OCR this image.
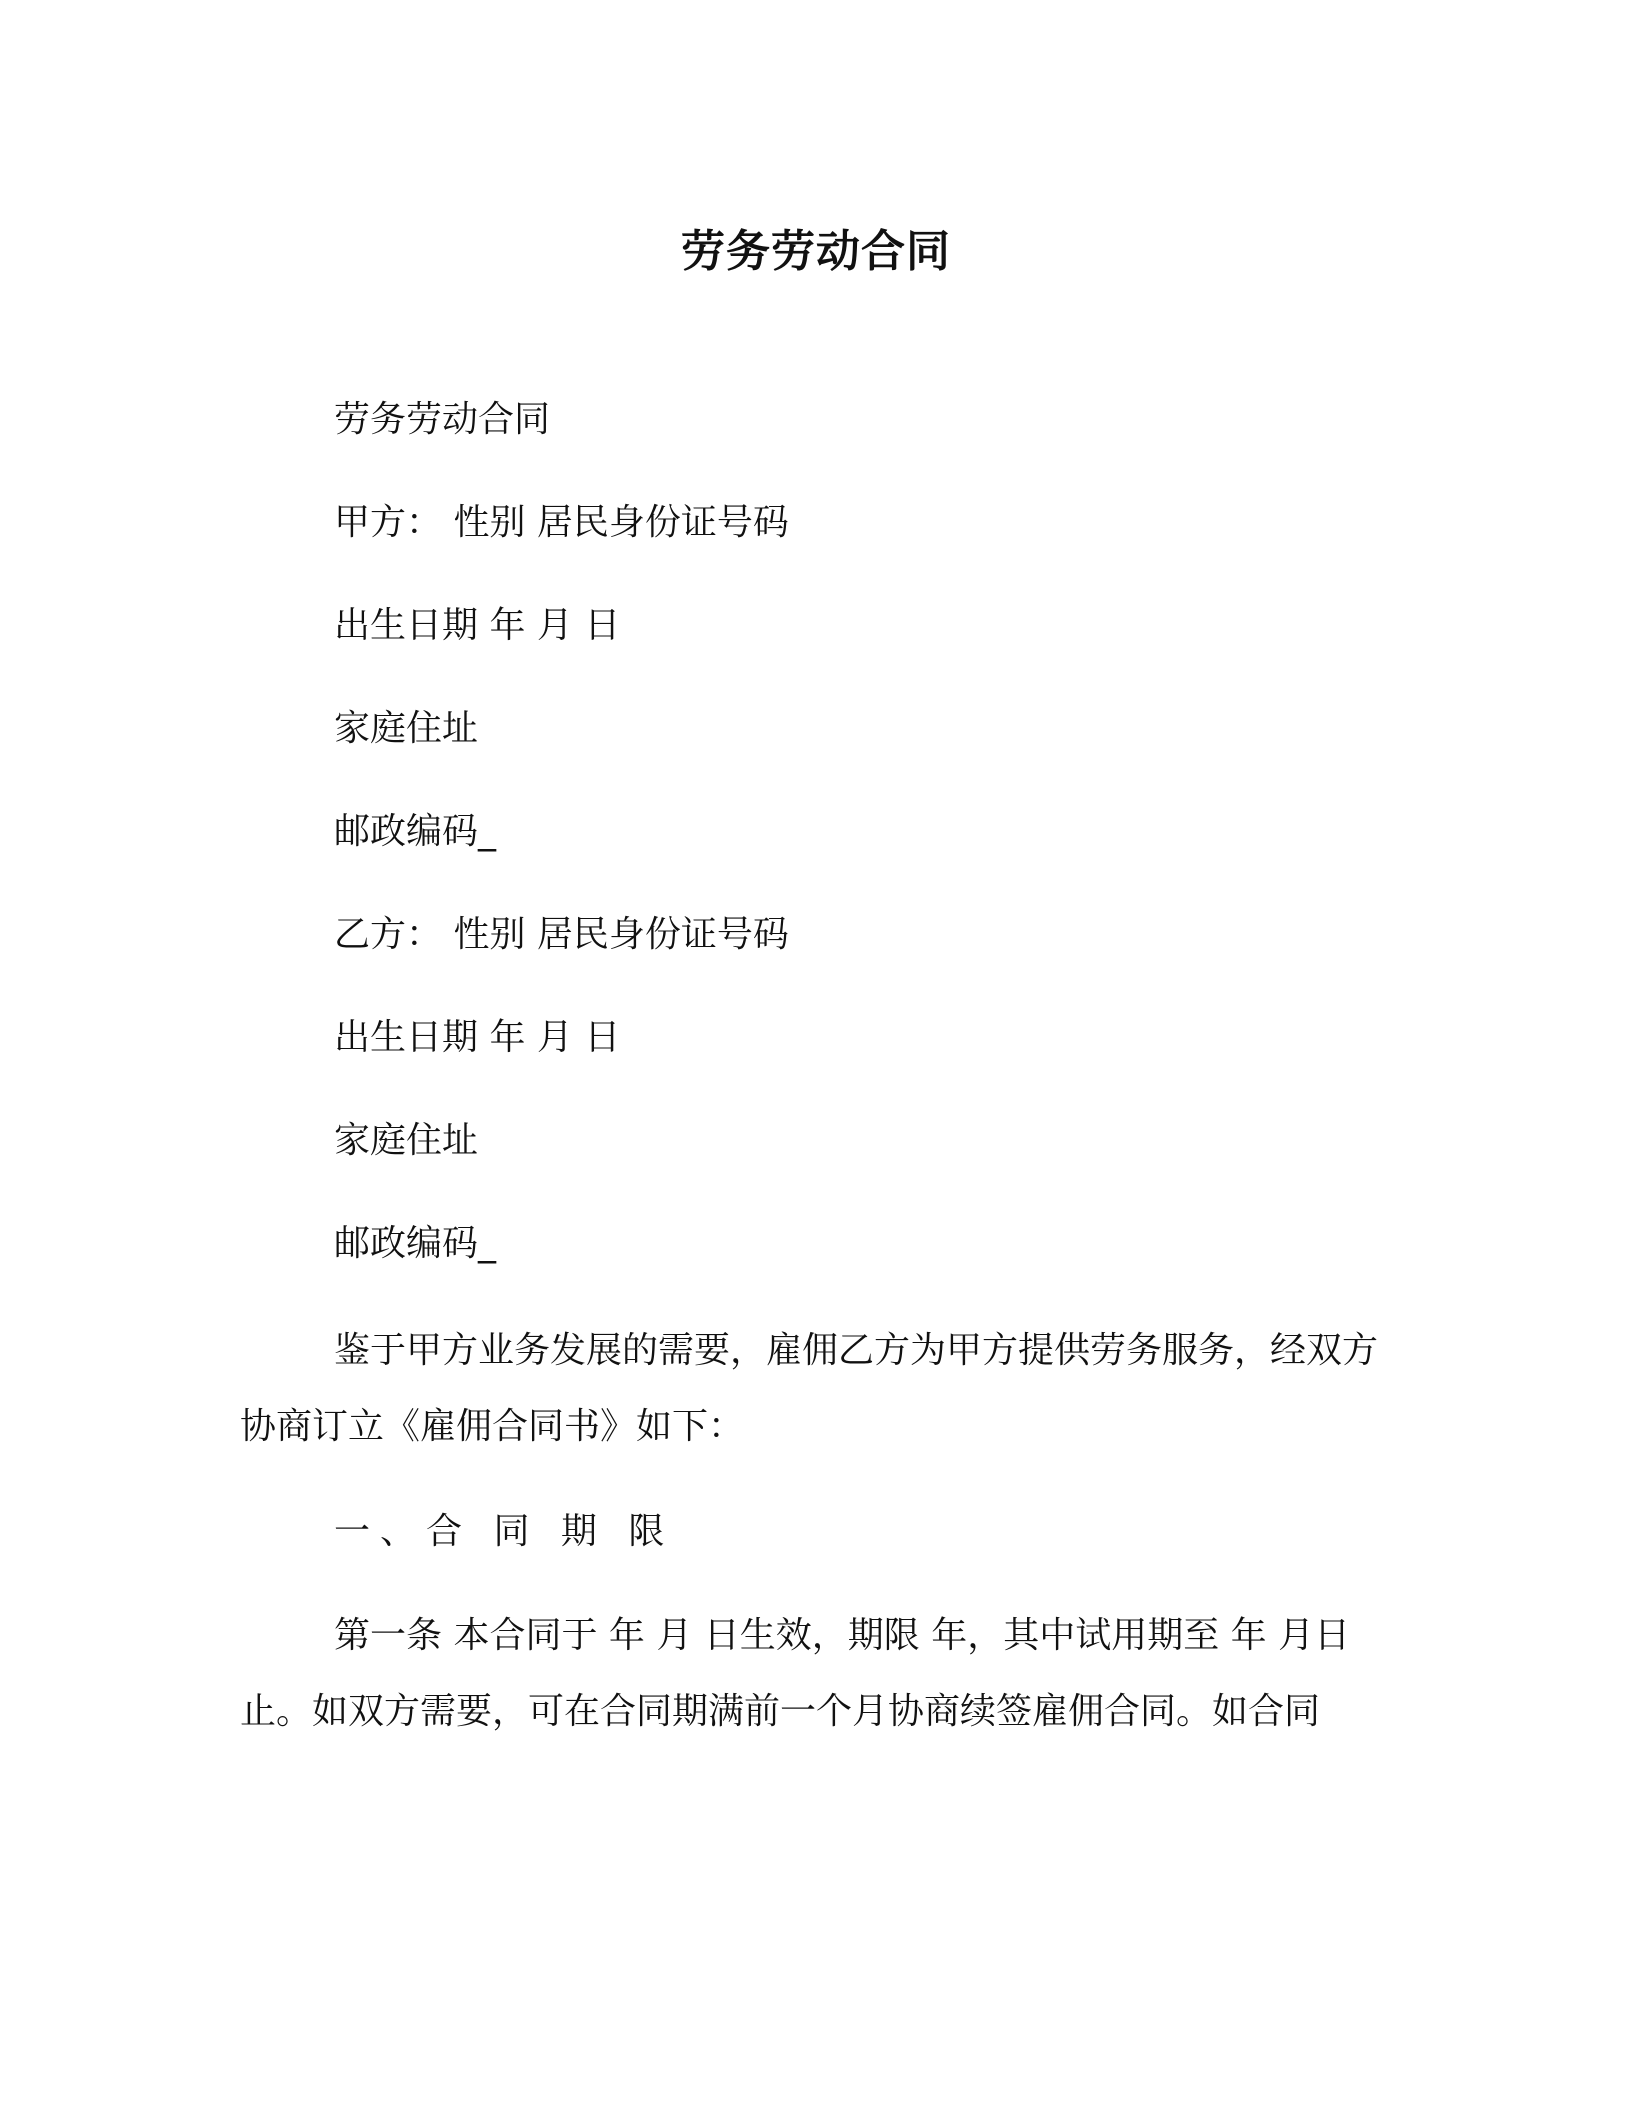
劳务劳动合同
劳务劳动合同
甲方： 性别 居民身份证号码
出生日期 年 月 日
家庭住址
邮政编码_
乙方： 性别 居民身份证号码
出生日期 年 月 日
家庭住址
邮政编码_
鉴于甲方业务发展的需要，雇佣乙方为甲方提供劳务服务，经双方协商订立《雇佣合同书》如下：
一、合 同 期 限
第一条 本合同于 年 月 日生效，期限 年，其中试用期至 年 月日止。如双方需要，可在合同期满前一个月协商续签雇佣合同。如合同
